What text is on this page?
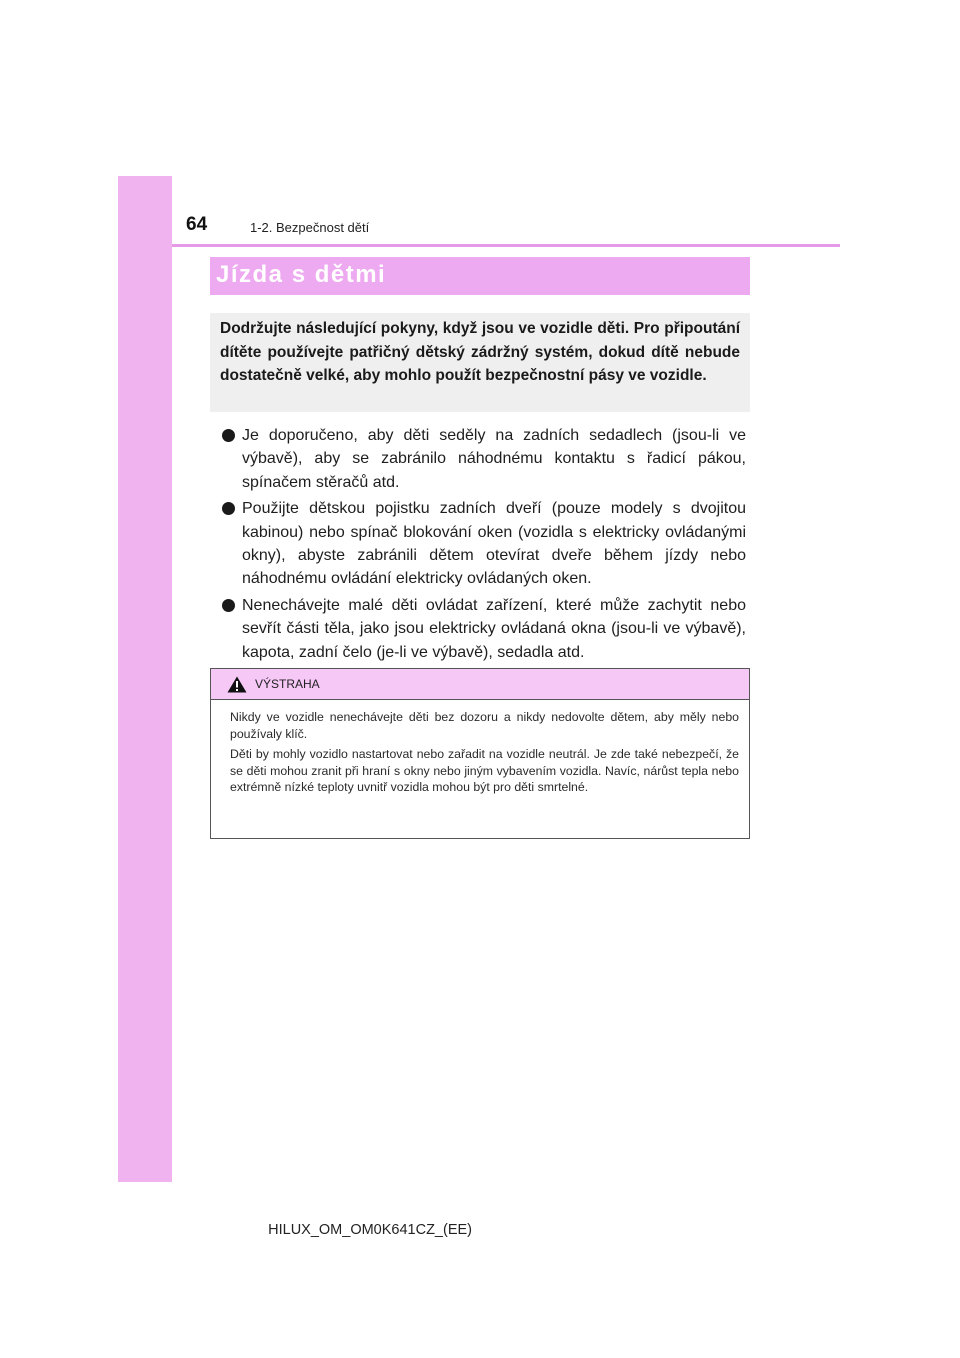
64	1-2. Bezpečnost dětí
Jízda s dětmi

Dodržujte následující pokyny, když jsou ve vozidle děti. Pro připoutání dítěte používejte patřičný dětský zádržný systém, dokud dítě nebude dostatečně velké, aby mohlo použít bezpečnostní pásy ve vozidle.

Je doporučeno, aby děti seděly na zadních sedadlech (jsou-li ve výbavě), aby se zabránilo náhodnému kontaktu s řadicí pákou, spínačem stěračů atd.
Použijte dětskou pojistku zadních dveří (pouze modely s dvojitou kabinou) nebo spínač blokování oken (vozidla s elektricky ovládanými okny), abyste zabránili dětem otevírat dveře během jízdy nebo náhodnému ovládání elektricky ovládaných oken.
Nenechávejte malé děti ovládat zařízení, které může zachytit nebo sevřít části těla, jako jsou elektricky ovládaná okna (jsou-li ve výbavě), kapota, zadní čelo (je-li ve výbavě), sedadla atd.
VÝSTRAHA

Nikdy ve vozidle nenechávejte děti bez dozoru a nikdy nedovolte dětem, aby měly nebo používaly klíč.

Děti by mohly vozidlo nastartovat nebo zařadit na vozidle neutrál. Je zde také nebezpečí, že se děti mohou zranit při hraní s okny nebo jiným vybavením vozidla. Navíc, nárůst tepla nebo extrémně nízké teploty uvnitř vozidla mohou být pro děti smrtelné.

HILUX_OM_OM0K641CZ_(EE)
